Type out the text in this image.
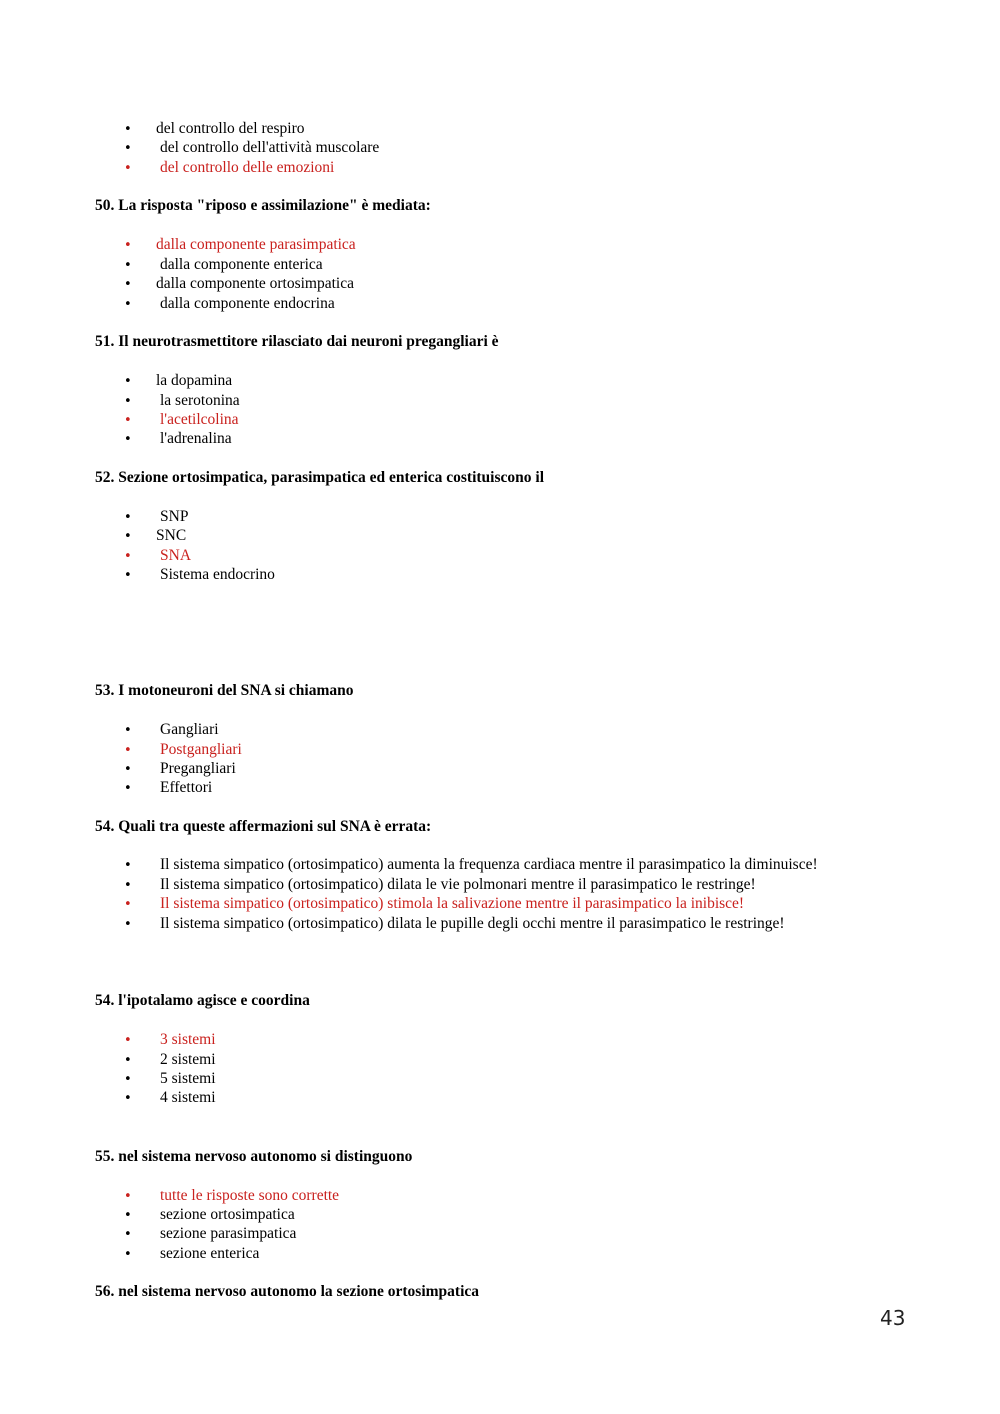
•
del controllo del respiro
•
del controllo dell'attività muscolare
•
del controllo delle emozioni

50. La risposta "riposo e assimilazione" è mediata:

•
dalla componente parasimpatica
•
dalla componente enterica
•
dalla componente ortosimpatica
•
dalla componente endocrina

51. Il neurotrasmettitore rilasciato dai neuroni pregangliari è

•
la dopamina
•
la serotonina
•
l'acetilcolina
•
l'adrenalina

52. Sezione ortosimpatica, parasimpatica ed enterica costituiscono il

•
SNP
•
SNC
•
SNA
•
Sistema endocrino

53. I motoneuroni del SNA si chiamano

•
Gangliari
•
Postgangliari
•
Pregangliari
•
Effettori

54. Quali tra queste affermazioni sul SNA è errata:

•
Il sistema simpatico (ortosimpatico) aumenta la frequenza cardiaca mentre il parasimpatico la diminuisce!
•
Il sistema simpatico (ortosimpatico) dilata le vie polmonari mentre il parasimpatico le restringe!
•
Il sistema simpatico (ortosimpatico) stimola la salivazione mentre il parasimpatico la inibisce!
•
Il sistema simpatico (ortosimpatico) dilata le pupille degli occhi mentre il parasimpatico le restringe!

54. l'ipotalamo agisce e coordina

•
3 sistemi
•
2 sistemi
•
5 sistemi
•
4 sistemi

55. nel sistema nervoso autonomo si distinguono

•
tutte le risposte sono corrette
•
sezione ortosimpatica
•
sezione parasimpatica
•
sezione enterica

56. nel sistema nervoso autonomo la sezione ortosimpatica

43
